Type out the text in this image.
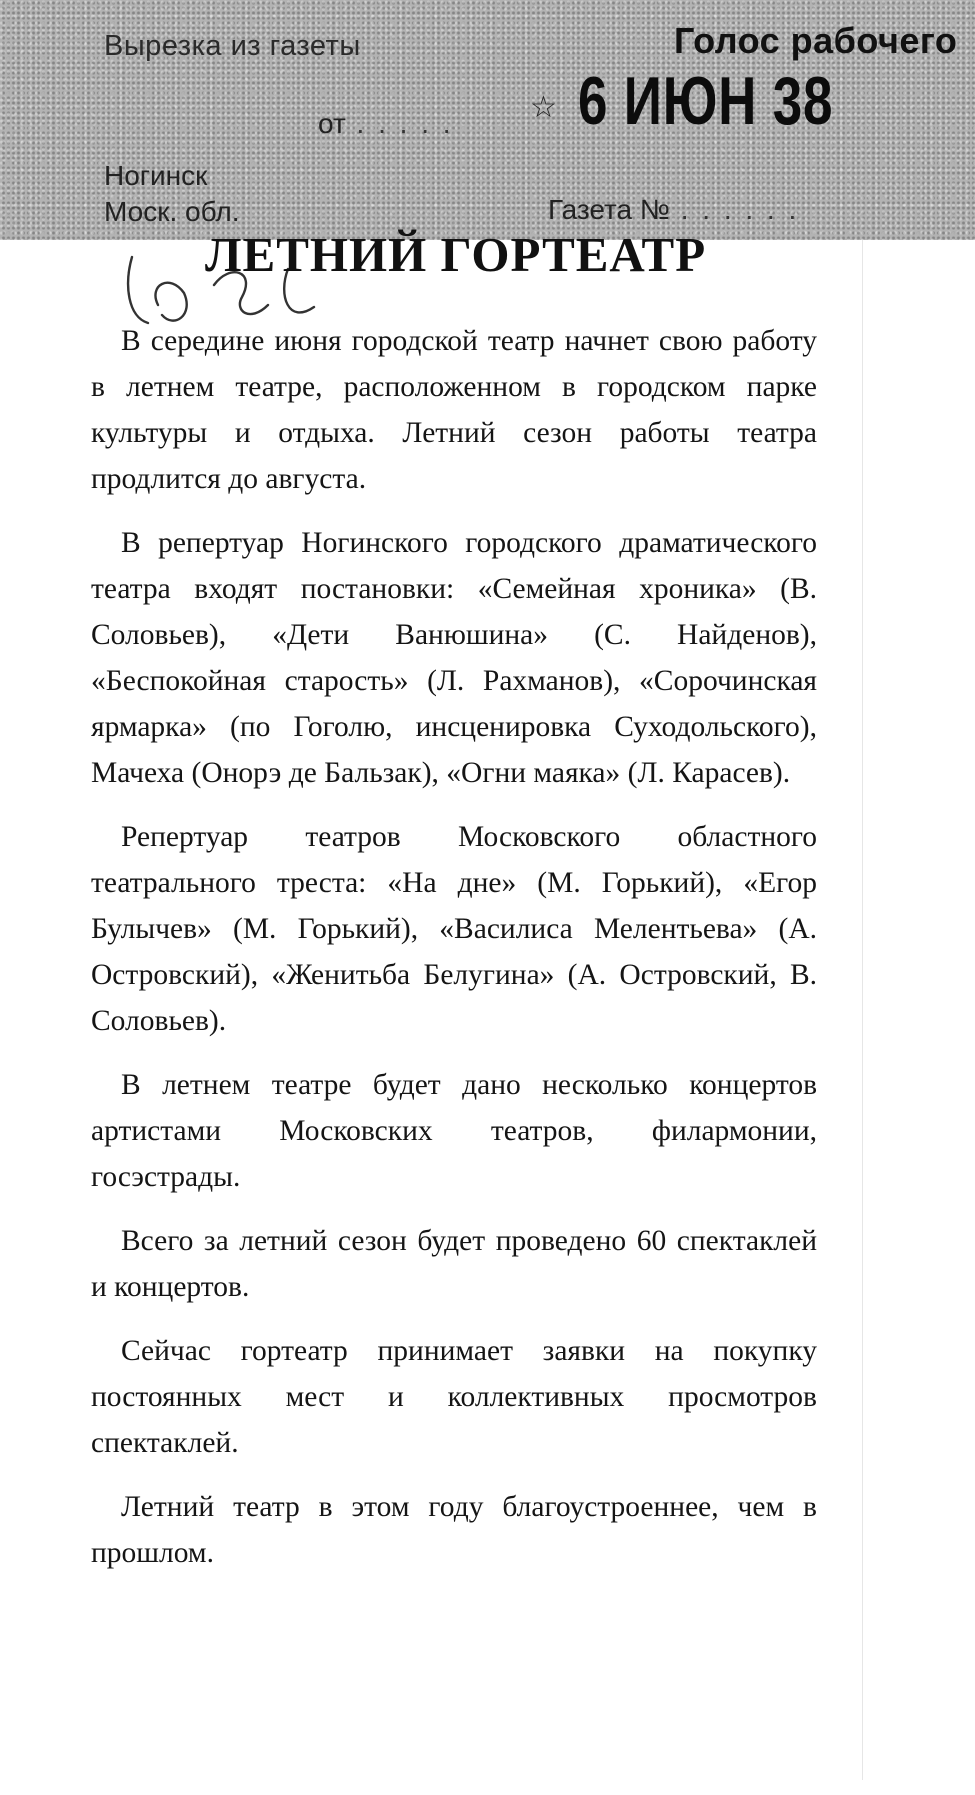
Вырезка из газеты	Голос рабочего
от . . . . .	☆ 6 ИЮН 38
Ногинск
Моск. обл.	Газета № . . . . . .
ЛЕТНИЙ ГОРТЕАТР

В середине июня городской театр начнет свою работу в летнем театре, расположенном в городском парке культуры и отдыха. Летний сезон работы театра продлится до августа.

В репертуар Ногинского городского драматического театра входят постановки: «Семейная хроника» (В. Соловьев), «Дети Ванюшина» (С. Найденов), «Беспокойная старость» (Л. Рахманов), «Сорочинская ярмарка» (по Гоголю, инсценировка Суходольского), Мачеха (Онорэ де Бальзак), «Огни маяка» (Л. Карасев).

Репертуар театров Московского областного театрального треста: «На дне» (М. Горький), «Егор Булычев» (М. Горький), «Василиса Мелентьева» (А. Островский), «Женитьба Белугина» (А. Островский, В. Соловьев).

В летнем театре будет дано несколько концертов артистами Московских театров, филармонии, госэстрады.

Всего за летний сезон будет проведено 60 спектаклей и концертов.

Сейчас гортеатр принимает заявки на покупку постоянных мест и коллективных просмотров спектаклей.

Летний театр в этом году благоустроеннее, чем в прошлом.
